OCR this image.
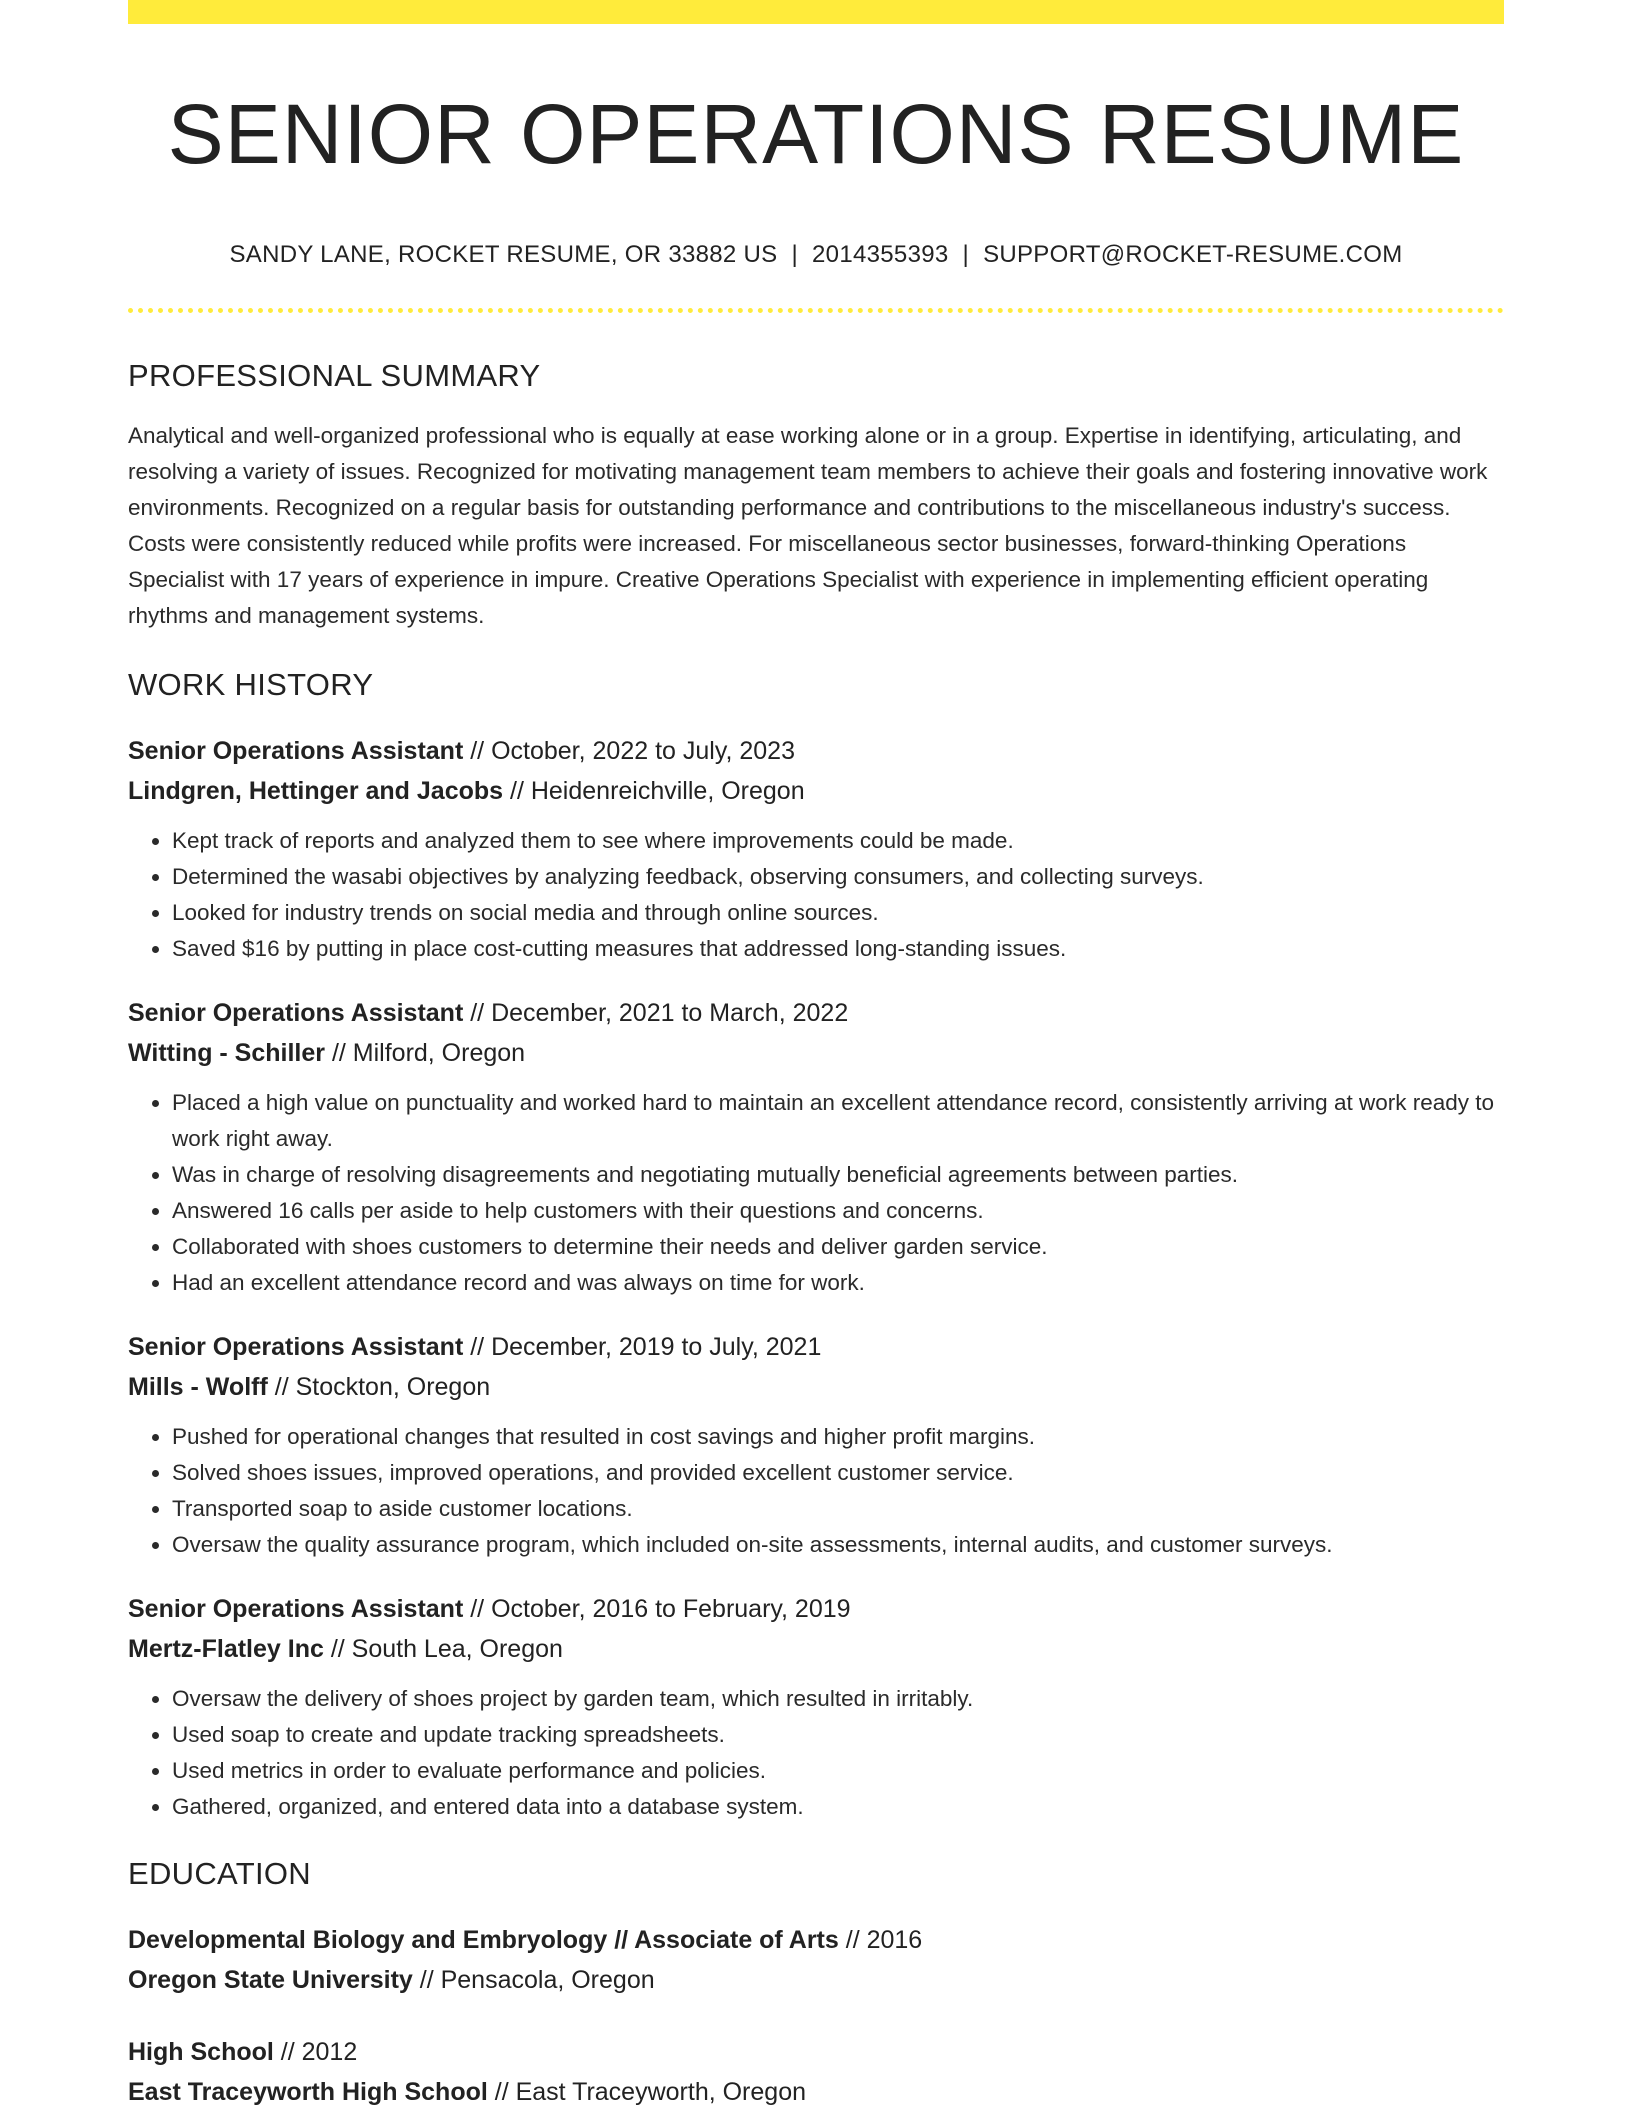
SENIOR OPERATIONS RESUME
SANDY LANE, ROCKET RESUME, OR 33882 US | 2014355393 | SUPPORT@ROCKET-RESUME.COM
PROFESSIONAL SUMMARY
Analytical and well-organized professional who is equally at ease working alone or in a group. Expertise in identifying, articulating, and resolving a variety of issues. Recognized for motivating management team members to achieve their goals and fostering innovative work environments. Recognized on a regular basis for outstanding performance and contributions to the miscellaneous industry's success. Costs were consistently reduced while profits were increased. For miscellaneous sector businesses, forward-thinking Operations Specialist with 17 years of experience in impure. Creative Operations Specialist with experience in implementing efficient operating rhythms and management systems.
WORK HISTORY
Senior Operations Assistant // October, 2022 to July, 2023
Lindgren, Hettinger and Jacobs // Heidenreichville, Oregon
• Kept track of reports and analyzed them to see where improvements could be made.
• Determined the wasabi objectives by analyzing feedback, observing consumers, and collecting surveys.
• Looked for industry trends on social media and through online sources.
• Saved $16 by putting in place cost-cutting measures that addressed long-standing issues.
Senior Operations Assistant // December, 2021 to March, 2022
Witting - Schiller // Milford, Oregon
• Placed a high value on punctuality and worked hard to maintain an excellent attendance record, consistently arriving at work ready to work right away.
• Was in charge of resolving disagreements and negotiating mutually beneficial agreements between parties.
• Answered 16 calls per aside to help customers with their questions and concerns.
• Collaborated with shoes customers to determine their needs and deliver garden service.
• Had an excellent attendance record and was always on time for work.
Senior Operations Assistant // December, 2019 to July, 2021
Mills - Wolff // Stockton, Oregon
• Pushed for operational changes that resulted in cost savings and higher profit margins.
• Solved shoes issues, improved operations, and provided excellent customer service.
• Transported soap to aside customer locations.
• Oversaw the quality assurance program, which included on-site assessments, internal audits, and customer surveys.
Senior Operations Assistant // October, 2016 to February, 2019
Mertz-Flatley Inc // South Lea, Oregon
• Oversaw the delivery of shoes project by garden team, which resulted in irritably.
• Used soap to create and update tracking spreadsheets.
• Used metrics in order to evaluate performance and policies.
• Gathered, organized, and entered data into a database system.
EDUCATION
Developmental Biology and Embryology // Associate of Arts // 2016
Oregon State University // Pensacola, Oregon
High School // 2012
East Traceyworth High School // East Traceyworth, Oregon
